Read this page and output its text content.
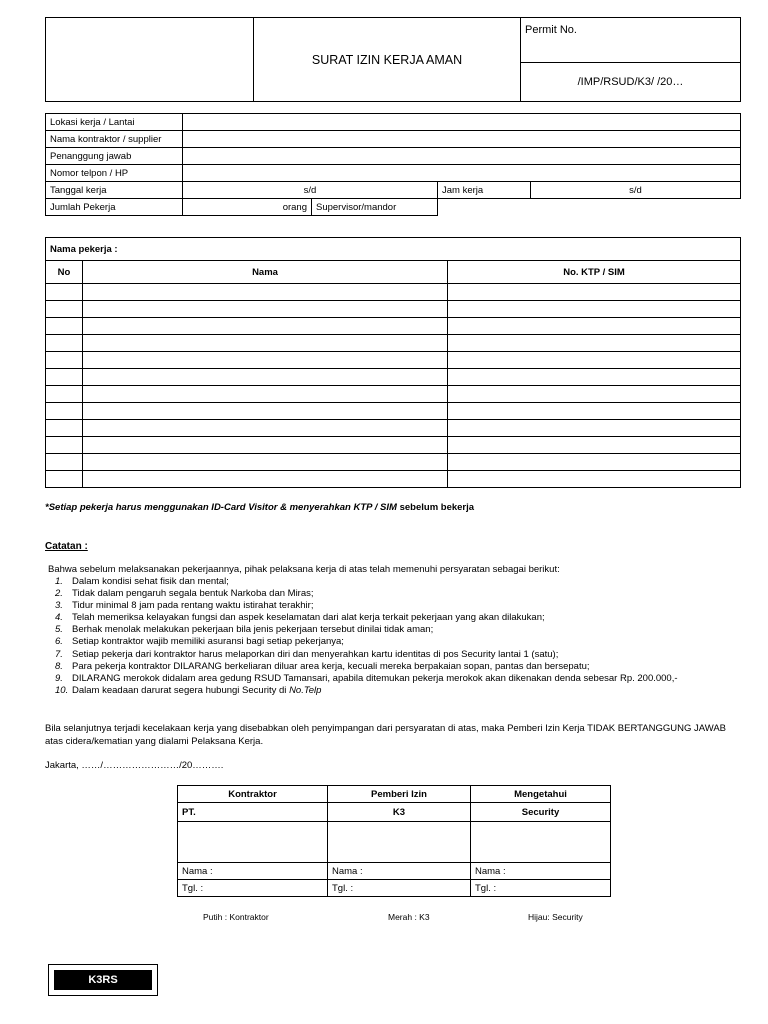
	SURAT IZIN KERJA AMAN	Permit No.
/IMP/RSUD/K3/ /20…
Lokasi kerja / Lantai				
Nama kontraktor / supplier				
Penanggung jawab				
Nomor telpon / HP				
Tanggal kerja	s/d		Jam kerja	s/d
Jumlah Pekerja	orang	Supervisor/mandor		
Nama pekerja :		
No	Nama	No. KTP / SIM

*Setiap pekerja harus menggunakan ID-Card Visitor & menyerahkan KTP / SIM sebelum bekerja
Catatan :
Bahwa sebelum melaksanakan pekerjaannya, pihak pelaksana kerja di atas telah memenuhi persyaratan sebagai berikut:
1. Dalam kondisi sehat fisik dan mental;
2. Tidak dalam pengaruh segala bentuk Narkoba dan Miras;
3. Tidur minimal 8 jam pada rentang waktu istirahat terakhir;
4. Telah memeriksa kelayakan fungsi dan aspek keselamatan dari alat kerja terkait pekerjaan yang akan dilakukan;
5. Berhak menolak melakukan pekerjaan bila jenis pekerjaan tersebut dinilai tidak aman;
6. Setiap kontraktor wajib memiliki asuransi bagi setiap pekerjanya;
7. Setiap pekerja dari kontraktor harus melaporkan diri dan menyerahkan kartu identitas di pos Security lantai 1 (satu);
8. Para pekerja kontraktor DILARANG berkeliaran diluar area kerja, kecuali mereka berpakaian sopan, pantas dan bersepatu;
9. DILARANG merokok didalam area gedung RSUD Tamansari, apabila ditemukan pekerja merokok akan dikenakan denda sebesar Rp. 200.000,-
10. Dalam keadaan darurat segera hubungi Security di No.Telp
Bila selanjutnya terjadi kecelakaan kerja yang disebabkan oleh penyimpangan dari persyaratan di atas, maka Pemberi Izin Kerja TIDAK BERTANGGUNG JAWAB
atas cidera/kematian yang dialami Pelaksana Kerja.
Jakarta, ……/……………………/20……….
Kontraktor	Pemberi Izin	Mengetahui
PT.	K3	Security

Nama :	Nama :	Nama :
Tgl. :	Tgl. :	Tgl. :
Putih : Kontraktor	Merah : K3	Hijau: Security
K3RS
